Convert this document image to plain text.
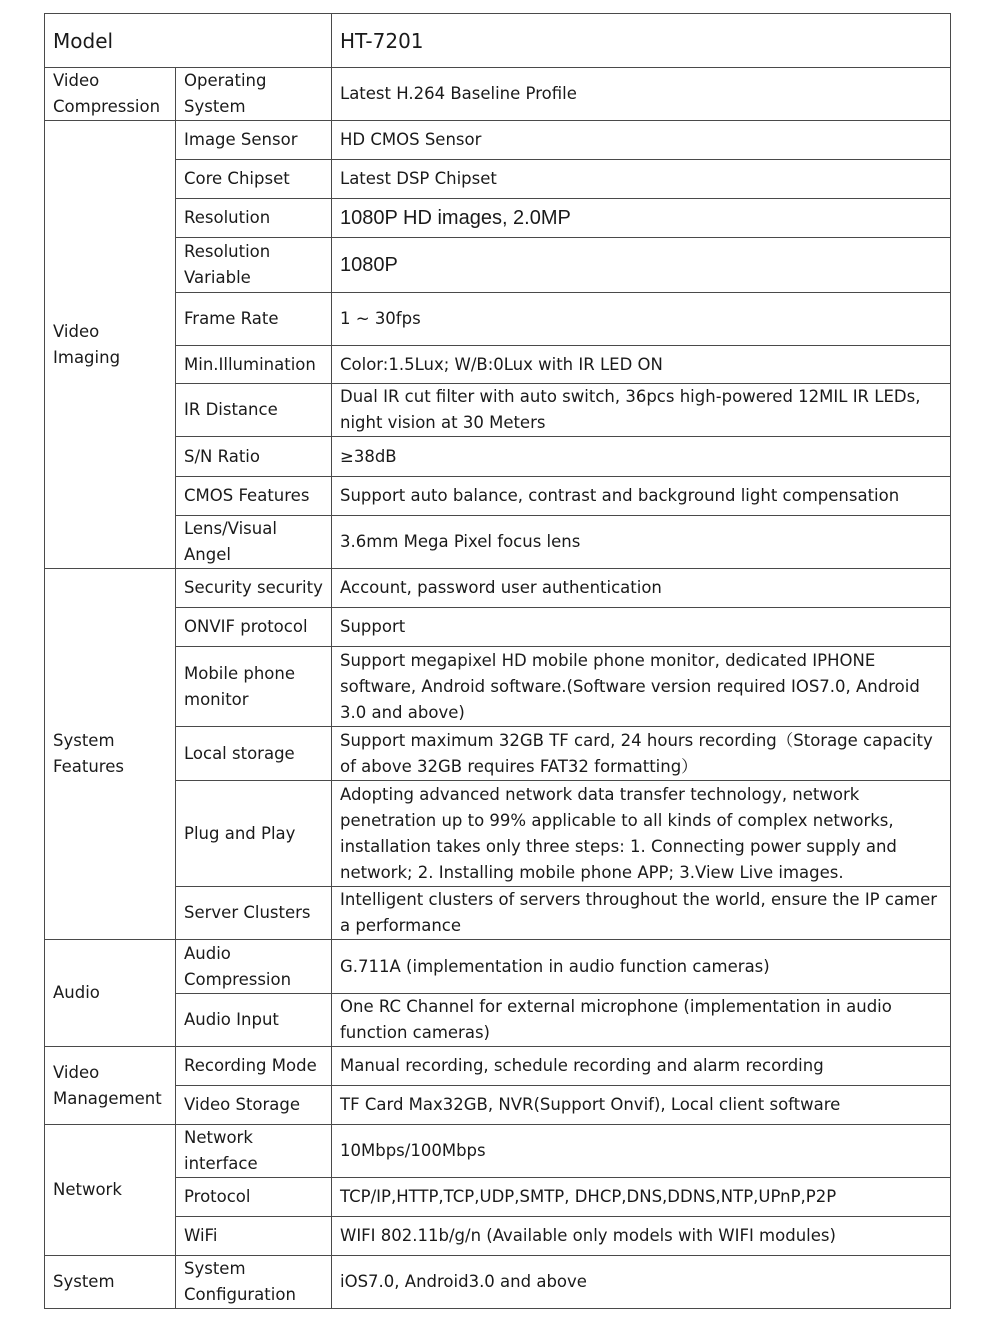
Model		HT-7201
Video Compression	Operating System	Latest H.264 Baseline Profile
Video Imaging	Image Sensor	HD CMOS Sensor
	Core Chipset	Latest DSP Chipset
	Resolution	1080P HD images, 2.0MP
	Resolution Variable	1080P
	Frame Rate	1 ~ 30fps
	Min.Illumination	Color:1.5Lux; W/B:0Lux with IR LED ON
	IR Distance	Dual IR cut filter with auto switch, 36pcs high-powered 12MIL IR LEDs, night vision at 30 Meters
	S/N Ratio	≥38dB
	CMOS Features	Support auto balance, contrast and background light compensation
	Lens/Visual Angel	3.6mm Mega Pixel focus lens
System Features	Security security	Account, password user authentication
	ONVIF protocol	Support
	Mobile phone monitor	Support megapixel HD mobile phone monitor, dedicated IPHONE software, Android software.(Software version required IOS7.0, Android 3.0 and above)
	Local storage	Support maximum 32GB TF card, 24 hours recording（Storage capacity of above 32GB requires FAT32 formatting）
	Plug and Play	Adopting advanced network data transfer technology, network penetration up to 99% applicable to all kinds of complex networks, installation takes only three steps: 1. Connecting power supply and network; 2. Installing mobile phone APP; 3.View Live images.
	Server Clusters	Intelligent clusters of servers throughout the world, ensure the IP camer a performance
Audio	Audio Compression	G.711A (implementation in audio function cameras)
	Audio Input	One RC Channel for external microphone (implementation in audio function cameras)
Video Management	Recording Mode	Manual recording, schedule recording and alarm recording
	Video Storage	TF Card Max32GB, NVR(Support Onvif), Local client software
Network	Network interface	10Mbps/100Mbps
	Protocol	TCP/IP,HTTP,TCP,UDP,SMTP, DHCP,DNS,DDNS,NTP,UPnP,P2P
	WiFi	WIFI 802.11b/g/n (Available only models with WIFI modules)
System	System Configuration	iOS7.0, Android3.0 and above
